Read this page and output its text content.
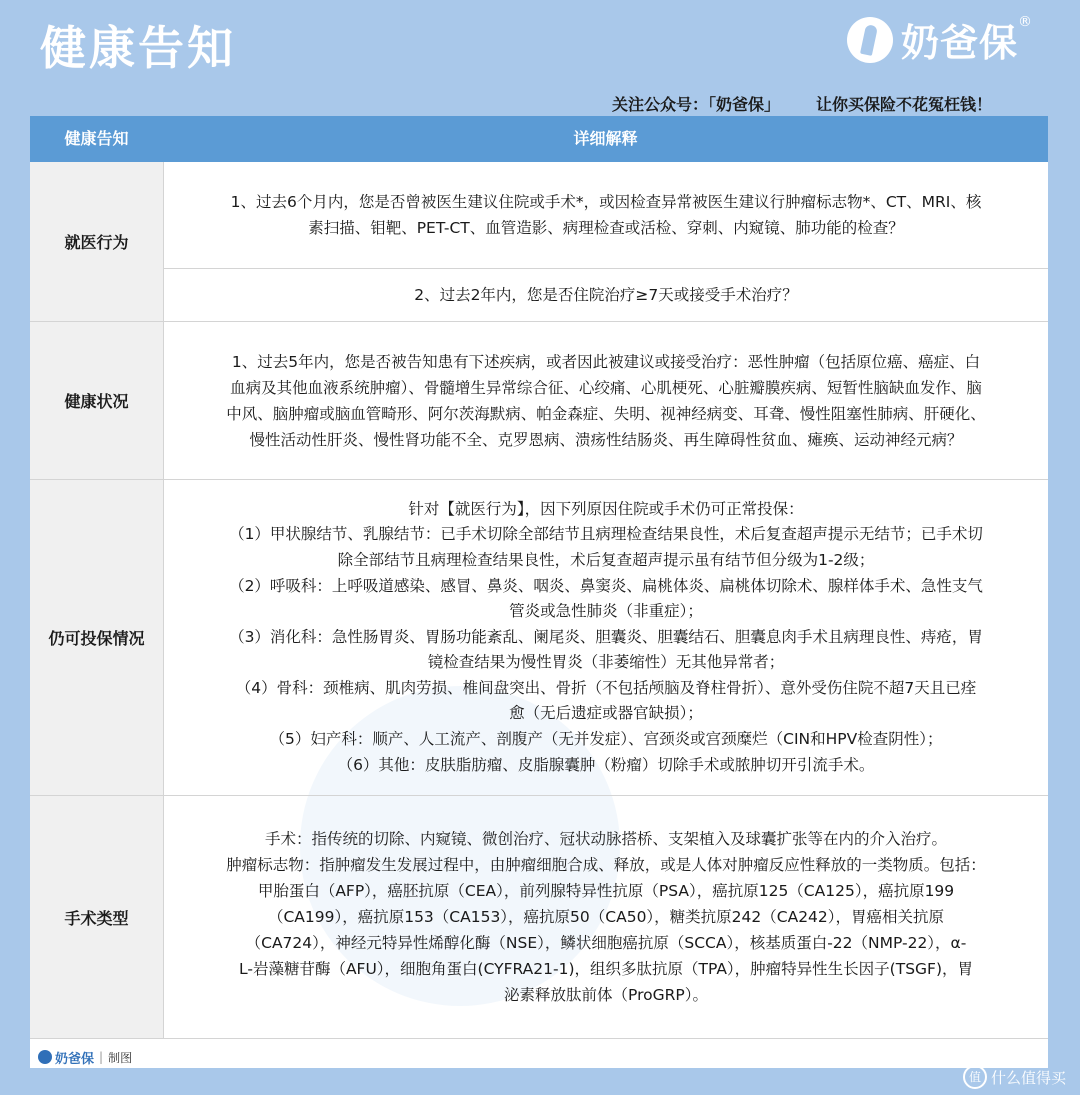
健康告知	奶爸保 ®
关注公众号：「奶爸保」 让你买保险不花冤枉钱！
健康告知	详细解释
就医行为
1、过去6个月内，您是否曾被医生建议住院或手术*，或因检查异常被医生建议行肿瘤标志物*、CT、MRI、核
素扫描、钼靶、PET-CT、血管造影、病理检查或活检、穿刺、内窥镜、肺功能的检查？
2、过去2年内，您是否住院治疗≥7天或接受手术治疗？
健康状况
1、过去5年内，您是否被告知患有下述疾病，或者因此被建议或接受治疗：恶性肿瘤（包括原位癌、癌症、白
血病及其他血液系统肿瘤）、骨髓增生异常综合征、心绞痛、心肌梗死、心脏瓣膜疾病、短暂性脑缺血发作、脑
中风、脑肿瘤或脑血管畸形、阿尔茨海默病、帕金森症、失明、视神经病变、耳聋、慢性阻塞性肺病、肝硬化、
慢性活动性肝炎、慢性肾功能不全、克罗恩病、溃疡性结肠炎、再生障碍性贫血、瘫痪、运动神经元病？
仍可投保情况
针对【就医行为】，因下列原因住院或手术仍可正常投保：
（1）甲状腺结节、乳腺结节：已手术切除全部结节且病理检查结果良性，术后复查超声提示无结节；已手术切
除全部结节且病理检查结果良性，术后复查超声提示虽有结节但分级为1-2级；
（2）呼吸科：上呼吸道感染、感冒、鼻炎、咽炎、鼻窦炎、扁桃体炎、扁桃体切除术、腺样体手术、急性支气
管炎或急性肺炎（非重症）；
（3）消化科：急性肠胃炎、胃肠功能紊乱、阑尾炎、胆囊炎、胆囊结石、胆囊息肉手术且病理良性、痔疮，胃
镜检查结果为慢性胃炎（非萎缩性）无其他异常者；
（4）骨科：颈椎病、肌肉劳损、椎间盘突出、骨折（不包括颅脑及脊柱骨折）、意外受伤住院不超7天且已痊
愈（无后遗症或器官缺损）；
（5）妇产科：顺产、人工流产、剖腹产（无并发症）、宫颈炎或宫颈糜烂（CIN和HPV检查阴性）；
（6）其他：皮肤脂肪瘤、皮脂腺囊肿（粉瘤）切除手术或脓肿切开引流手术。
手术类型
手术：指传统的切除、内窥镜、微创治疗、冠状动脉搭桥、支架植入及球囊扩张等在内的介入治疗。
肿瘤标志物：指肿瘤发生发展过程中，由肿瘤细胞合成、释放，或是人体对肿瘤反应性释放的一类物质。包括：
甲胎蛋白（AFP），癌胚抗原（CEA），前列腺特异性抗原（PSA），癌抗原125（CA125），癌抗原199
（CA199），癌抗原153（CA153），癌抗原50（CA50），糖类抗原242（CA242），胃癌相关抗原
（CA724），神经元特异性烯醇化酶（NSE），鳞状细胞癌抗原（SCCA），核基质蛋白-22（NMP-22），α-
L-岩藻糖苷酶（AFU），细胞角蛋白(CYFRA21-1)，组织多肽抗原（TPA），肿瘤特异性生长因子(TSGF)，胃
泌素释放肽前体（ProGRP）。
奶爸保 | 制图
值 什么值得买
